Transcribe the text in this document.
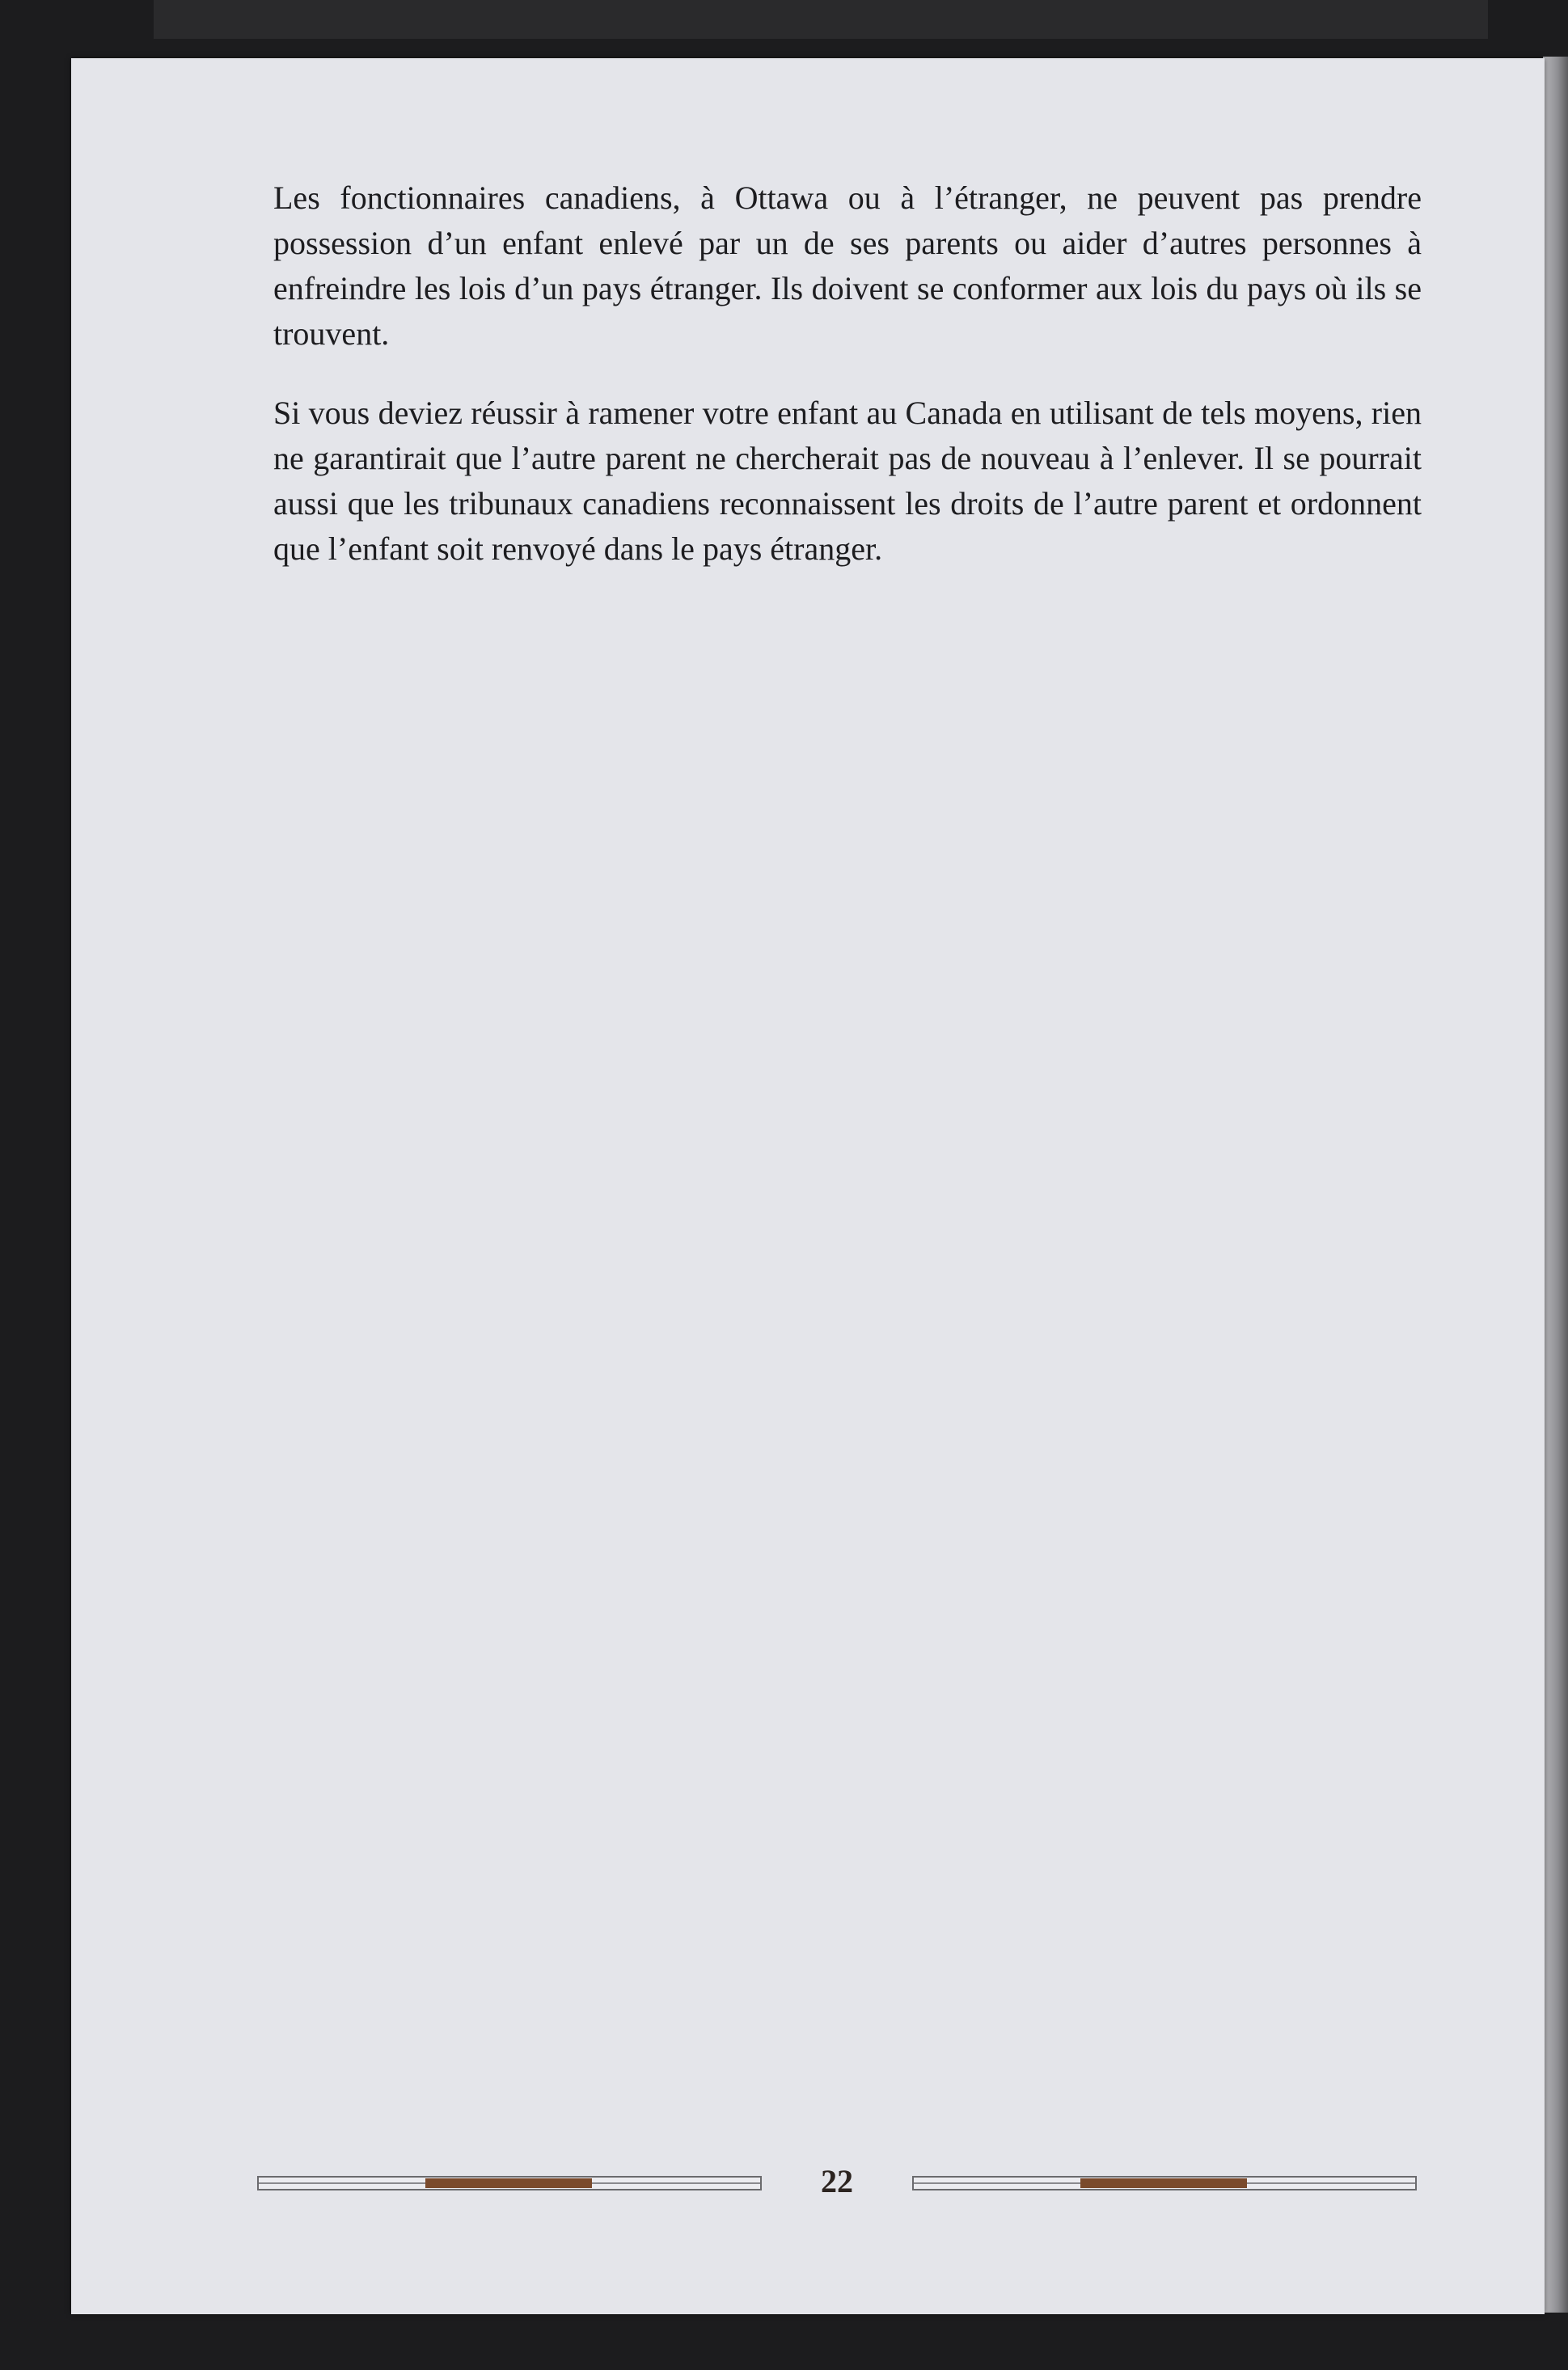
Les fonctionnaires canadiens, à Ottawa ou à l’étranger, ne peuvent pas prendre possession d’un enfant enlevé par un de ses parents ou aider d’autres personnes à enfreindre les lois d’un pays étranger. Ils doivent se conformer aux lois du pays où ils se trouvent.

Si vous deviez réussir à ramener votre enfant au Canada en utilisant de tels moyens, rien ne garantirait que l’autre parent ne chercherait pas de nouveau à l’enlever. Il se pourrait aussi que les tribunaux canadiens reconnaissent les droits de l’autre parent et ordonnent que l’enfant soit renvoyé dans le pays étranger.

22
